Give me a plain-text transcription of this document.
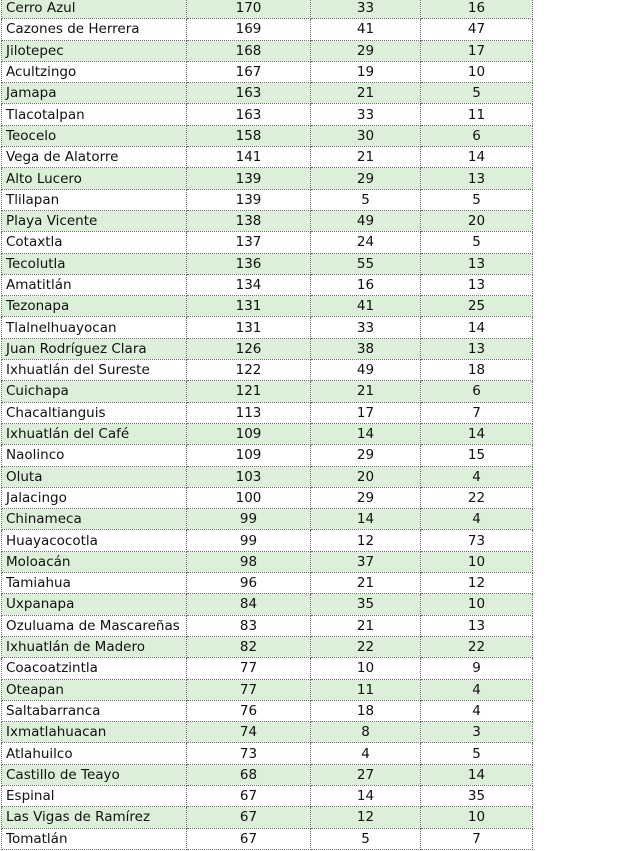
Cerro Azul	170	33	16
Cazones de Herrera	169	41	47
Jilotepec	168	29	17
Acultzingo	167	19	10
Jamapa	163	21	5
Tlacotalpan	163	33	11
Teocelo	158	30	6
Vega de Alatorre	141	21	14
Alto Lucero	139	29	13
Tlilapan	139	5	5
Playa Vicente	138	49	20
Cotaxtla	137	24	5
Tecolutla	136	55	13
Amatitlán	134	16	13
Tezonapa	131	41	25
Tlalnelhuayocan	131	33	14
Juan Rodríguez Clara	126	38	13
Ixhuatlán del Sureste	122	49	18
Cuichapa	121	21	6
Chacaltianguis	113	17	7
Ixhuatlán del Café	109	14	14
Naolinco	109	29	15
Oluta	103	20	4
Jalacingo	100	29	22
Chinameca	99	14	4
Huayacocotla	99	12	73
Moloacán	98	37	10
Tamiahua	96	21	12
Uxpanapa	84	35	10
Ozuluama de Mascareñas	83	21	13
Ixhuatlán de Madero	82	22	22
Coacoatzintla	77	10	9
Oteapan	77	11	4
Saltabarranca	76	18	4
Ixmatlahuacan	74	8	3
Atlahuilco	73	4	5
Castillo de Teayo	68	27	14
Espinal	67	14	35
Las Vigas de Ramírez	67	12	10
Tomatlán	67	5	7
